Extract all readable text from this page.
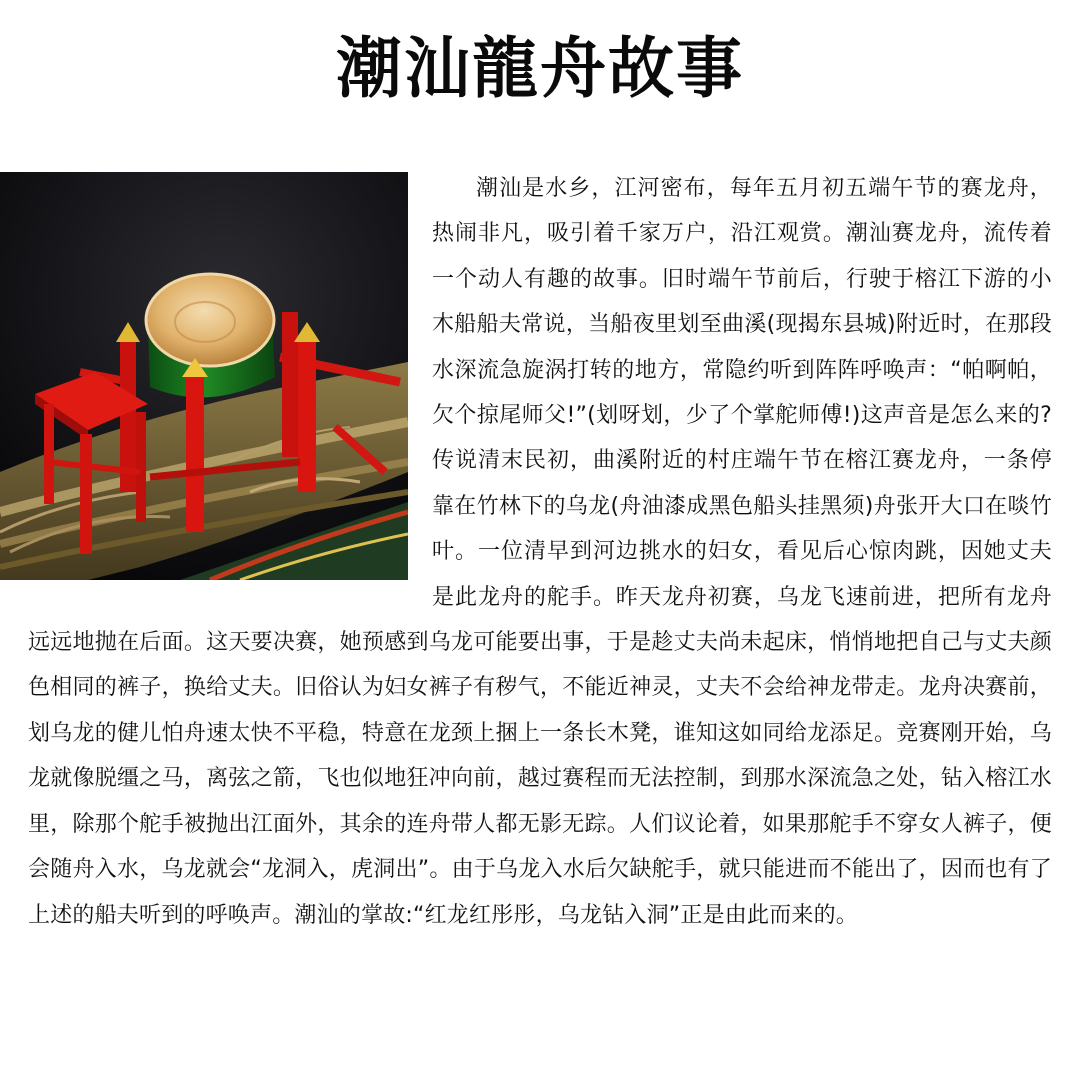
潮汕龍舟故事

潮汕是水乡，江河密布，每年五月初五端午节的赛龙舟，热闹非凡，吸引着千家万户，沿江观赏。潮汕赛龙舟，流传着一个动人有趣的故事。旧时端午节前后，行驶于榕江下游的小木船船夫常说，当船夜里划至曲溪(现揭东县城)附近时，在那段水深流急旋涡打转的地方，常隐约听到阵阵呼唤声：“帕啊帕，欠个掠尾师父!”(划呀划，少了个掌舵师傅!)这声音是怎么来的?传说清末民初，曲溪附近的村庄端午节在榕江赛龙舟，一条停靠在竹林下的乌龙(舟油漆成黑色船头挂黑须)舟张开大口在啖竹叶。一位清早到河边挑水的妇女，看见后心惊肉跳，因她丈夫是此龙舟的舵手。昨天龙舟初赛，乌龙飞速前进，把所有龙舟远远地抛在后面。这天要决赛，她预感到乌龙可能要出事，于是趁丈夫尚未起床，悄悄地把自己与丈夫颜色相同的裤子，换给丈夫。旧俗认为妇女裤子有秽气，不能近神灵，丈夫不会给神龙带走。龙舟决赛前，划乌龙的健儿怕舟速太快不平稳，特意在龙颈上捆上一条长木凳，谁知这如同给龙添足。竞赛刚开始，乌龙就像脱缰之马，离弦之箭，飞也似地狂冲向前，越过赛程而无法控制，到那水深流急之处，钻入榕江水里，除那个舵手被抛出江面外，其余的连舟带人都无影无踪。人们议论着，如果那舵手不穿女人裤子，便会随舟入水，乌龙就会“龙洞入，虎洞出”。由于乌龙入水后欠缺舵手，就只能进而不能出了，因而也有了上述的船夫听到的呼唤声。潮汕的掌故:“红龙红彤彤，乌龙钻入洞”正是由此而来的。
